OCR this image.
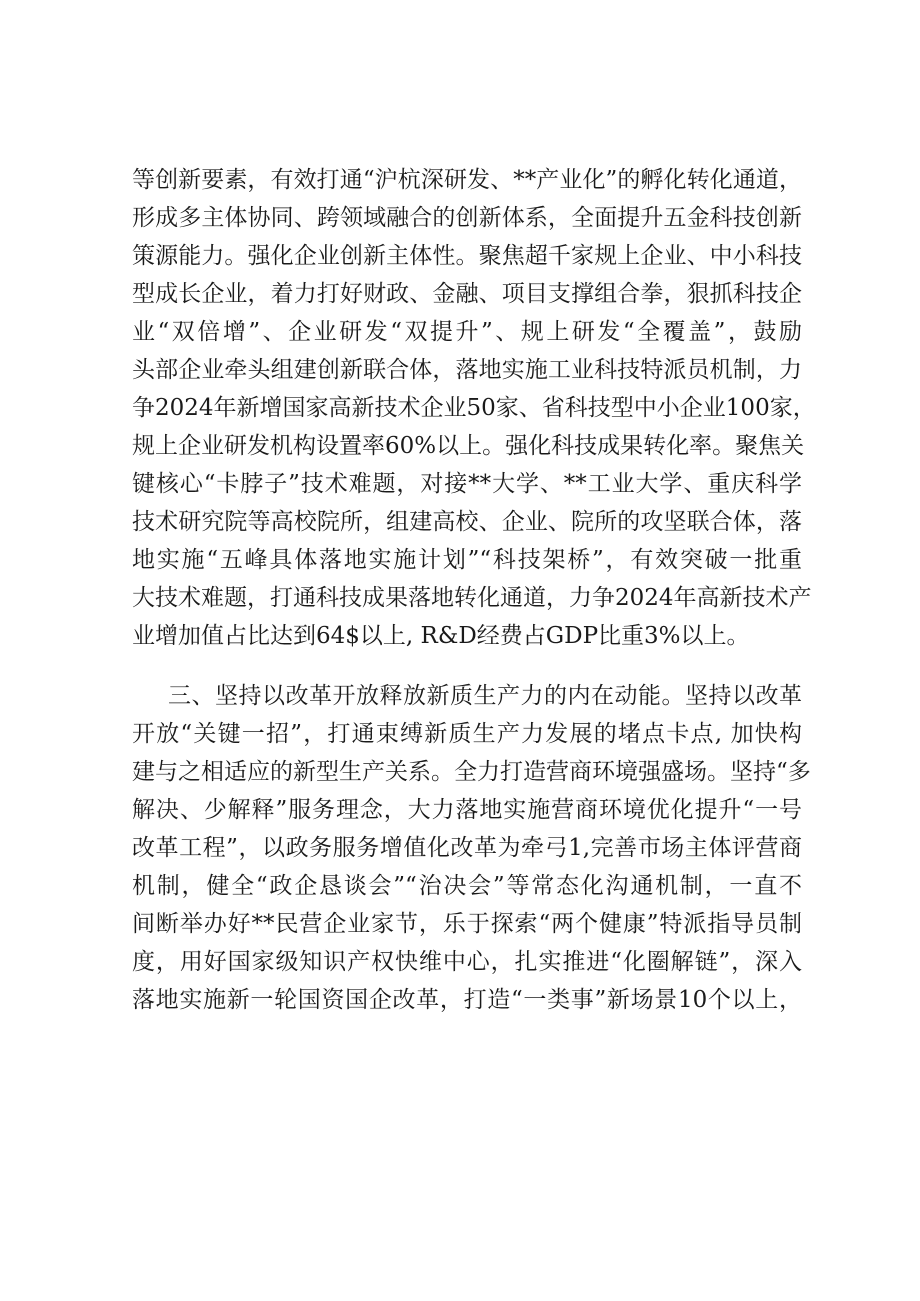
等创新要素，有效打通“沪杭深研发、**产业化”的孵化转化通道，
形成多主体协同、跨领域融合的创新体系，全面提升五金科技创新
策源能力。强化企业创新主体性。聚焦超千家规上企业、中小科技
型成长企业，着力打好财政、金融、项目支撑组合拳，狠抓科技企
业“双倍增”、企业研发“双提升”、规上研发“全覆盖”，鼓励
头部企业牵头组建创新联合体，落地实施工业科技特派员机制，力
争2024年新增国家高新技术企业50家、省科技型中小企业100家，
规上企业研发机构设置率60%以上。强化科技成果转化率。聚焦关
键核心“卡脖子”技术难题，对接**大学、**工业大学、重庆科学
技术研究院等高校院所，组建高校、企业、院所的攻坚联合体，落
地实施“五峰具体落地实施计划”“科技架桥”，有效突破一批重
大技术难题，打通科技成果落地转化通道，力争2024年高新技术产
业增加值占比达到64$以上, R&D经费占GDP比重3%以上。
三、坚持以改革开放释放新质生产力的内在动能。坚持以改革
开放“关键一招”，打通束缚新质生产力发展的堵点卡点, 加快构
建与之相适应的新型生产关系。全力打造营商环境强盛场。坚持“多
解决、少解释”服务理念，大力落地实施营商环境优化提升“一号
改革工程”，以政务服务增值化改革为牵弓1,完善市场主体评营商
机制，健全“政企恳谈会”“治决会”等常态化沟通机制，一直不
间断举办好**民营企业家节，乐于探索“两个健康”特派指导员制
度，用好国家级知识产权快维中心，扎实推进“化圈解链”，深入
落地实施新一轮国资国企改革，打造“一类事”新场景10个以上，
